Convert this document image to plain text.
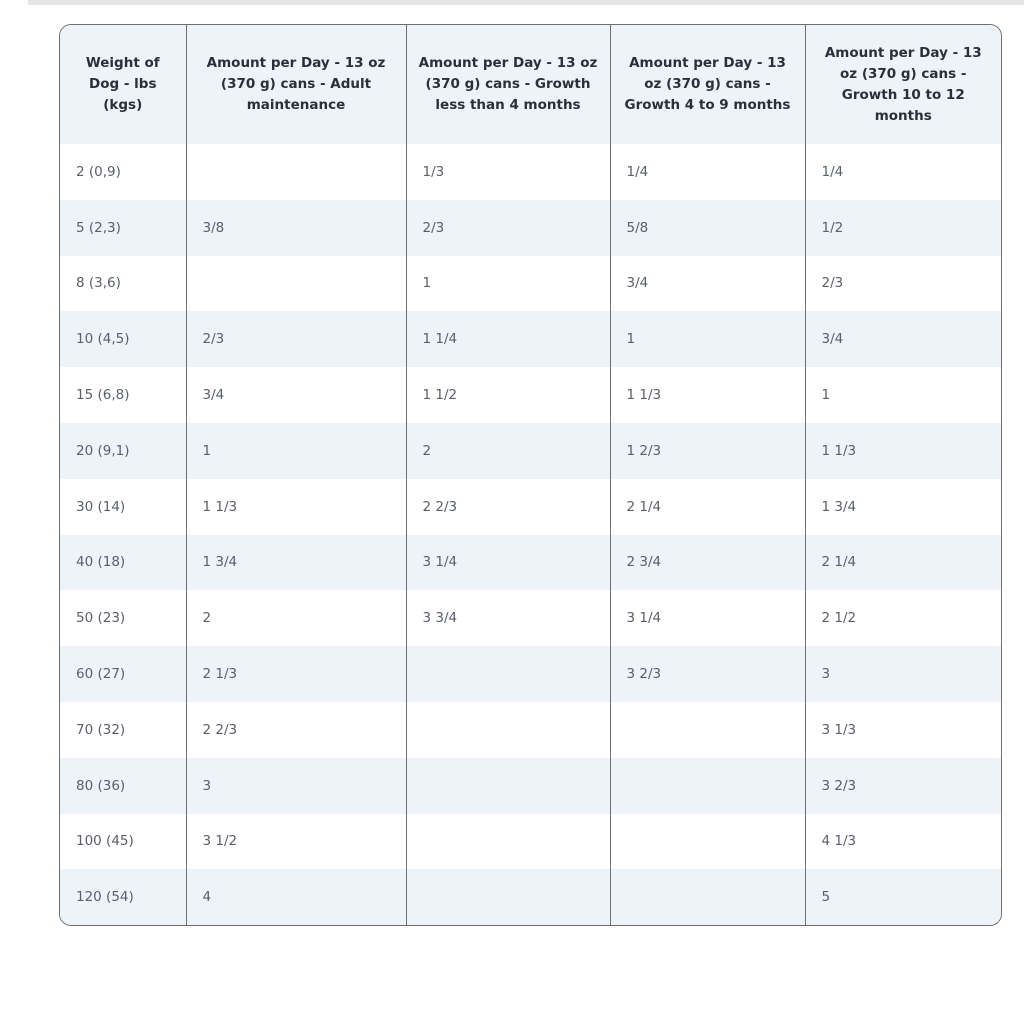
Weight of Dog - lbs (kgs)	Amount per Day - 13 oz (370 g) cans - Adult maintenance	Amount per Day - 13 oz (370 g) cans - Growth less than 4 months	Amount per Day - 13 oz (370 g) cans - Growth 4 to 9 months	Amount per Day - 13 oz (370 g) cans - Growth 10 to 12 months
2 (0,9)		1/3	1/4	1/4
5 (2,3)	3/8	2/3	5/8	1/2
8 (3,6)		1	3/4	2/3
10 (4,5)	2/3	1 1/4	1	3/4
15 (6,8)	3/4	1 1/2	1 1/3	1
20 (9,1)	1	2	1 2/3	1 1/3
30 (14)	1 1/3	2 2/3	2 1/4	1 3/4
40 (18)	1 3/4	3 1/4	2 3/4	2 1/4
50 (23)	2	3 3/4	3 1/4	2 1/2
60 (27)	2 1/3		3 2/3	3
70 (32)	2 2/3			3 1/3
80 (36)	3			3 2/3
100 (45)	3 1/2			4 1/3
120 (54)	4			5
